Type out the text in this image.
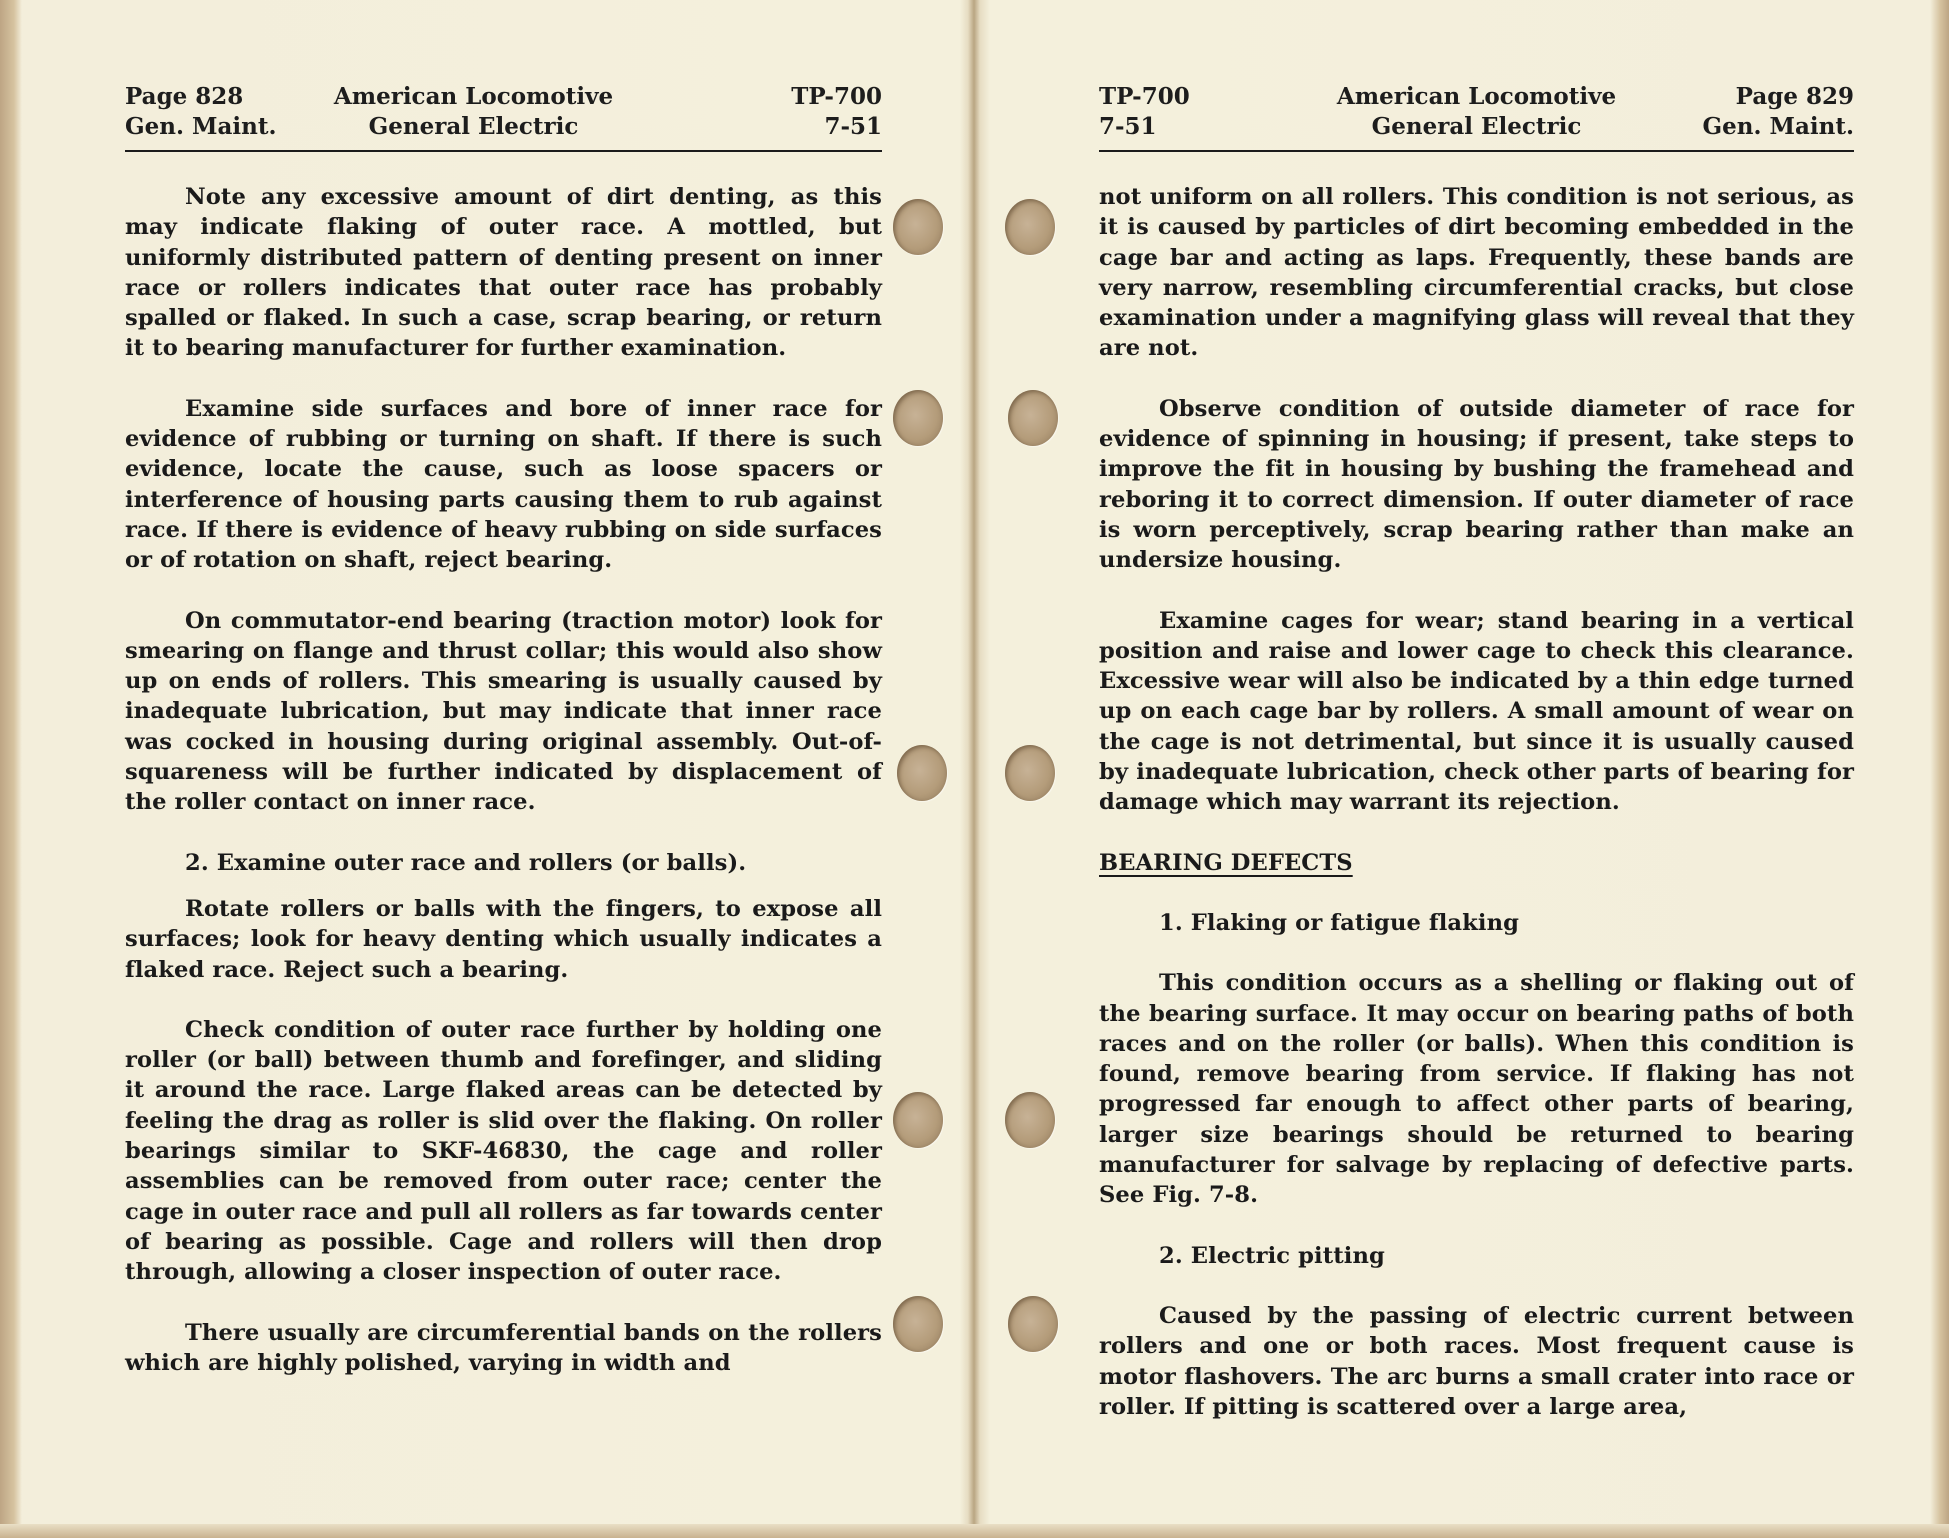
Page 828
Gen. Maint.
American Locomotive
General Electric
TP-700
7-51

Note any excessive amount of dirt denting, as this may indicate flaking of outer race. A mottled, but uniformly distributed pattern of denting present on inner race or rollers indicates that outer race has probably spalled or flaked. In such a case, scrap bearing, or return it to bearing manufacturer for further examination.

Examine side surfaces and bore of inner race for evidence of rubbing or turning on shaft. If there is such evidence, locate the cause, such as loose spacers or interference of housing parts causing them to rub against race. If there is evidence of heavy rubbing on side surfaces or of rotation on shaft, reject bearing.

On commutator-end bearing (traction motor) look for smearing on flange and thrust collar; this would also show up on ends of rollers. This smearing is usually caused by inadequate lubrication, but may indicate that inner race was cocked in housing during original assembly. Out-of-squareness will be further indicated by displacement of the roller contact on inner race.

2. Examine outer race and rollers (or balls).

Rotate rollers or balls with the fingers, to expose all surfaces; look for heavy denting which usually indicates a flaked race. Reject such a bearing.

Check condition of outer race further by holding one roller (or ball) between thumb and forefinger, and sliding it around the race. Large flaked areas can be detected by feeling the drag as roller is slid over the flaking. On roller bearings similar to SKF-46830, the cage and roller assemblies can be removed from outer race; center the cage in outer race and pull all rollers as far towards center of bearing as possible. Cage and rollers will then drop through, allowing a closer inspection of outer race.

There usually are circumferential bands on the rollers which are highly polished, varying in width and

TP-700
7-51
American Locomotive
General Electric
Page 829
Gen. Maint.

not uniform on all rollers. This condition is not serious, as it is caused by particles of dirt becoming embedded in the cage bar and acting as laps. Frequently, these bands are very narrow, resembling circumferential cracks, but close examination under a magnifying glass will reveal that they are not.

Observe condition of outside diameter of race for evidence of spinning in housing; if present, take steps to improve the fit in housing by bushing the framehead and reboring it to correct dimension. If outer diameter of race is worn perceptively, scrap bearing rather than make an undersize housing.

Examine cages for wear; stand bearing in a vertical position and raise and lower cage to check this clearance. Excessive wear will also be indicated by a thin edge turned up on each cage bar by rollers. A small amount of wear on the cage is not detrimental, but since it is usually caused by inadequate lubrication, check other parts of bearing for damage which may warrant its rejection.

BEARING DEFECTS

1. Flaking or fatigue flaking

This condition occurs as a shelling or flaking out of the bearing surface. It may occur on bearing paths of both races and on the roller (or balls). When this condition is found, remove bearing from service. If flaking has not progressed far enough to affect other parts of bearing, larger size bearings should be returned to bearing manufacturer for salvage by replacing of defective parts. See Fig. 7-8.

2. Electric pitting

Caused by the passing of electric current between rollers and one or both races. Most frequent cause is motor flashovers. The arc burns a small crater into race or roller. If pitting is scattered over a large area,
